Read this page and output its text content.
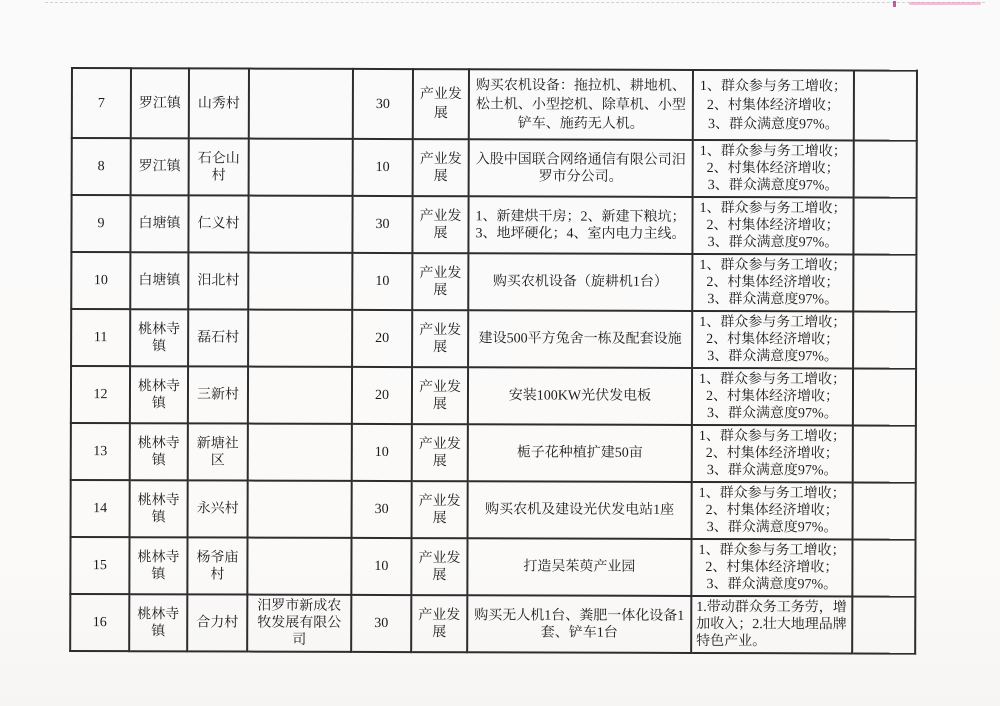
7	罗江镇	山秀村		30	产业发展	购买农机设备：拖拉机、耕地机、松土机、小型挖机、除草机、小型铲车、施药无人机。	1、群众参与务工增收；
2、村集体经济增收；
3、群众满意度97%。	
8	罗江镇	石仑山村		10	产业发展	入股中国联合网络通信有限公司汨罗市分公司。	1、群众参与务工增收；
2、村集体经济增收；
3、群众满意度97%。	
9	白塘镇	仁义村		30	产业发展	1、新建烘干房；2、新建下粮坑；3、地坪硬化；4、室内电力主线。	1、群众参与务工增收；
2、村集体经济增收；
3、群众满意度97%。	
10	白塘镇	汨北村		10	产业发展	购买农机设备（旋耕机1台）	1、群众参与务工增收；
2、村集体经济增收；
3、群众满意度97%。	
11	桃林寺镇	磊石村		20	产业发展	建设500平方兔舍一栋及配套设施	1、群众参与务工增收；
2、村集体经济增收；
3、群众满意度97%。	
12	桃林寺镇	三新村		20	产业发展	安装100KW光伏发电板	1、群众参与务工增收；
2、村集体经济增收；
3、群众满意度97%。	
13	桃林寺镇	新塘社区		10	产业发展	栀子花种植扩建50亩	1、群众参与务工增收；
2、村集体经济增收；
3、群众满意度97%。	
14	桃林寺镇	永兴村		30	产业发展	购买农机及建设光伏发电站1座	1、群众参与务工增收；
2、村集体经济增收；
3、群众满意度97%。	
15	桃林寺镇	杨爷庙村		10	产业发展	打造吴茱萸产业园	1、群众参与务工增收；
2、村集体经济增收；
3、群众满意度97%。	
16	桃林寺镇	合力村	汨罗市新成农牧发展有限公司	30	产业发展	购买无人机1台、粪肥一体化设备1套、铲车1台	1.带动群众务工务劳，增加收入；2.壮大地理品牌特色产业。	
